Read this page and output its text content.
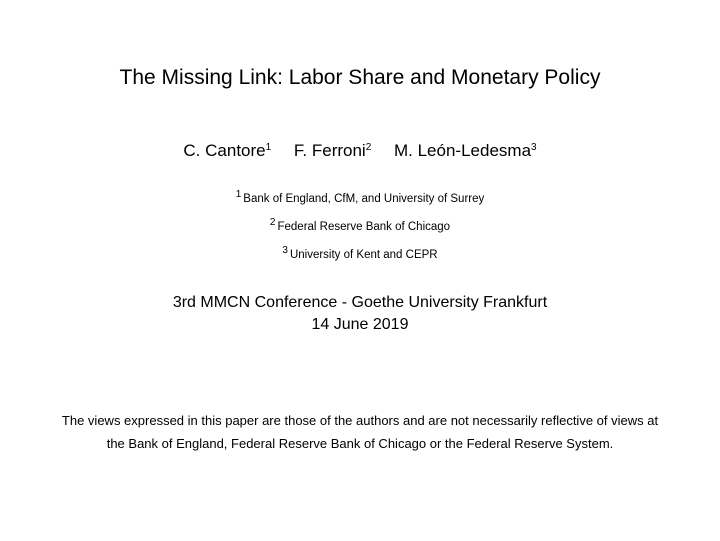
The Missing Link: Labor Share and Monetary Policy
C. Cantore$^1$ F. Ferroni$^2$ M. León-Ledesma$^3$
$^1$ Bank of England, CfM, and University of Surrey
$^2$ Federal Reserve Bank of Chicago
$^3$ University of Kent and CEPR
3rd MMCN Conference - Goethe University Frankfurt
14 June 2019
The views expressed in this paper are those of the authors and are not necessarily reflective of views at the Bank of England, Federal Reserve Bank of Chicago or the Federal Reserve System.
